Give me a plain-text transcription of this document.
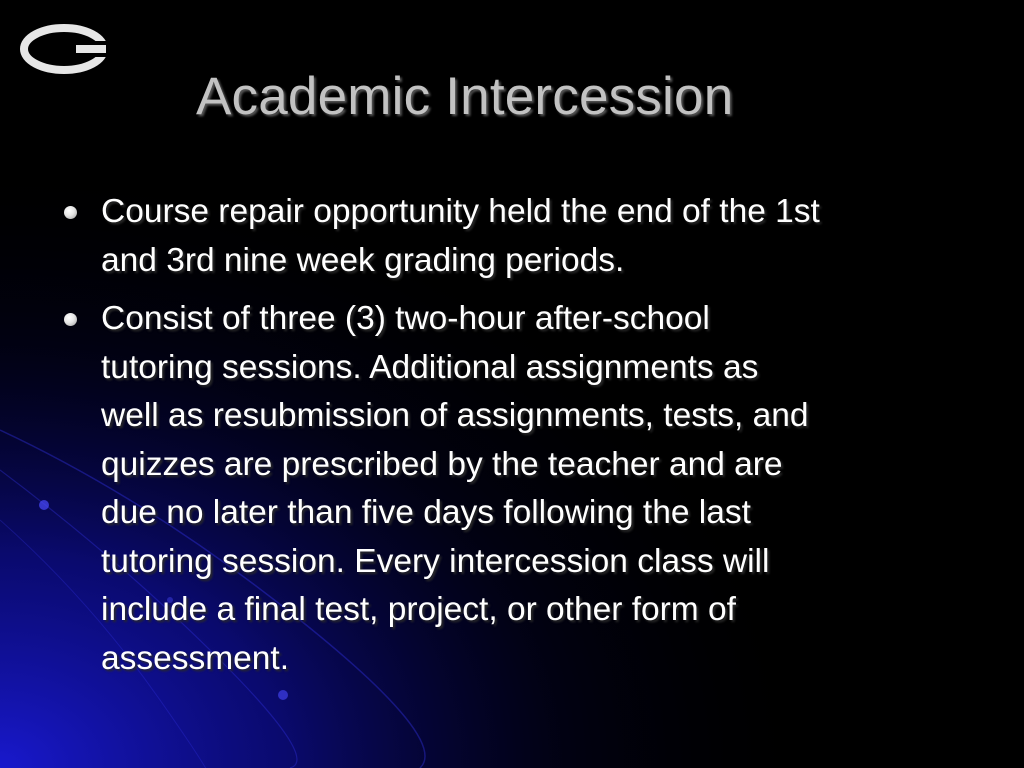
Academic Intercession
Course repair opportunity held the end of the 1st
and 3rd nine week grading periods.
Consist of three (3) two-hour after-school
tutoring sessions. Additional assignments as
well as resubmission of assignments, tests, and
quizzes are prescribed by the teacher and are
due no later than five days following the last
tutoring session. Every intercession class will
include a final test, project, or other form of
assessment.
